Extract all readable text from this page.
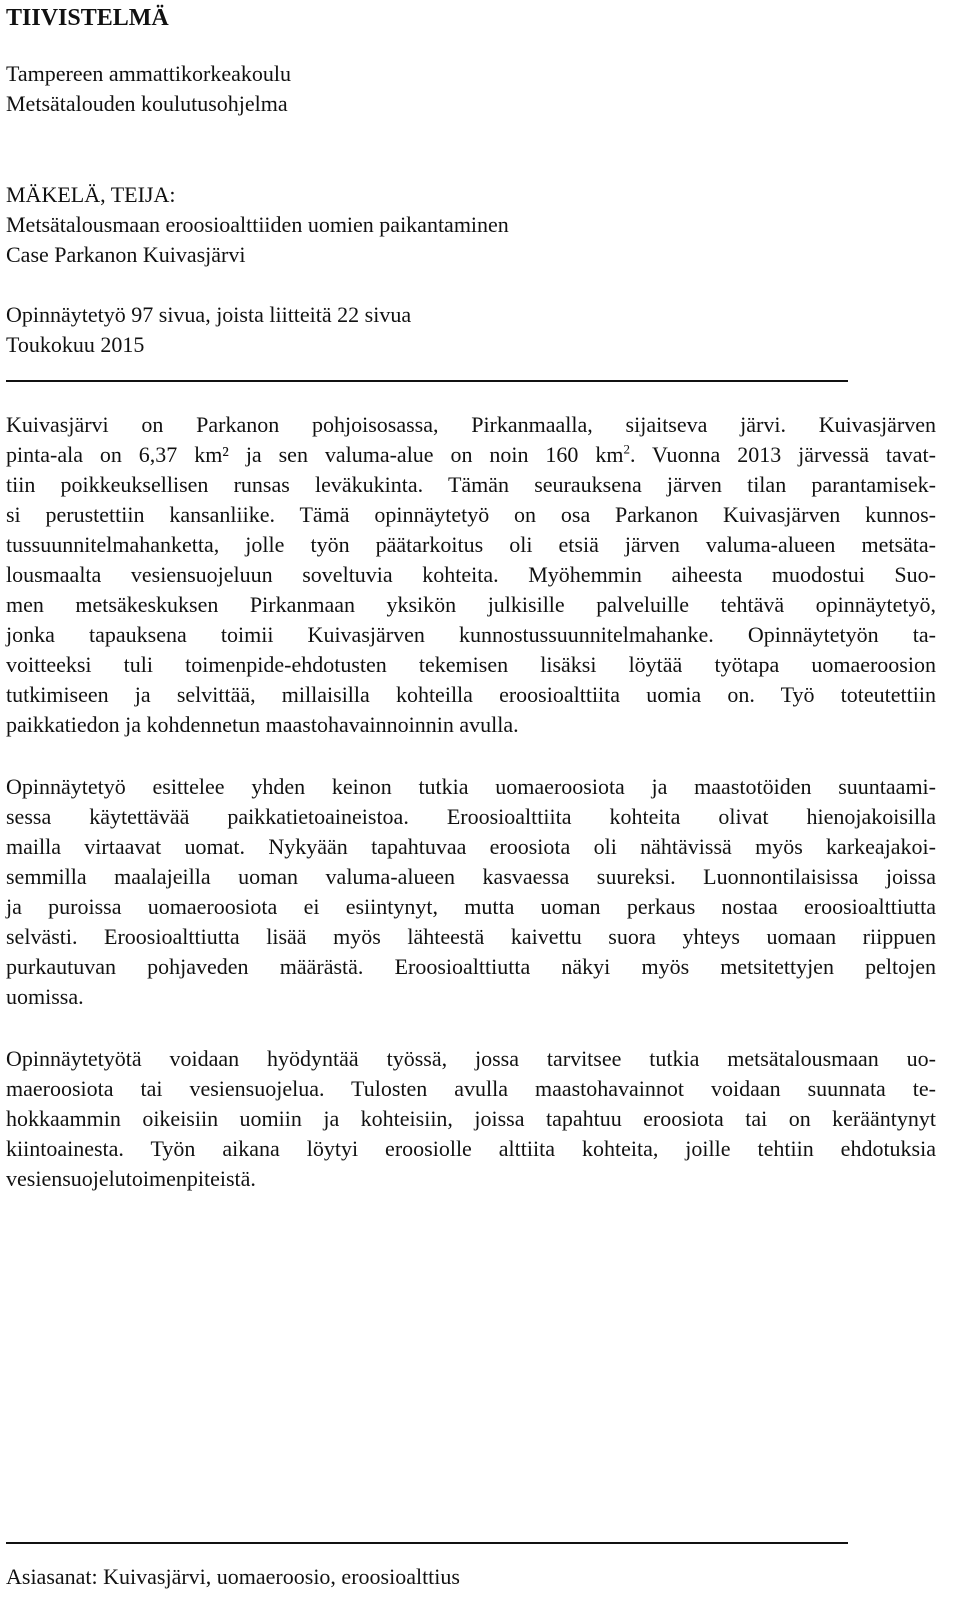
TIIVISTELMÄ
Tampereen ammattikorkeakoulu
Metsätalouden koulutusohjelma
MÄKELÄ, TEIJA:
Metsätalousmaan eroosioalttiiden uomien paikantaminen
Case Parkanon Kuivasjärvi
Opinnäytetyö 97 sivua, joista liitteitä 22 sivua
Toukokuu 2015
Kuivasjärvi on Parkanon pohjoisosassa, Pirkanmaalla, sijaitseva järvi. Kuivasjärven
pinta-ala on 6,37 km² ja sen valuma-alue on noin 160 $km^2$. Vuonna 2013 järvessä tavat-
tiin poikkeuksellisen runsas leväkukinta. Tämän seurauksena järven tilan parantamisek-
si perustettiin kansanliike. Tämä opinnäytetyö on osa Parkanon Kuivasjärven kunnos-
tussuunnitelmahanketta, jolle työn päätarkoitus oli etsiä järven valuma-alueen metsäta-
lousmaalta vesiensuojeluun soveltuvia kohteita. Myöhemmin aiheesta muodostui Suo-
men metsäkeskuksen Pirkanmaan yksikön julkisille palveluille tehtävä opinnäytetyö,
jonka tapauksena toimii Kuivasjärven kunnostussuunnitelmahanke. Opinnäytetyön ta-
voitteeksi tuli toimenpide-ehdotusten tekemisen lisäksi löytää työtapa uomaeroosion
tutkimiseen ja selvittää, millaisilla kohteilla eroosioalttiita uomia on. Työ toteutettiin
paikkatiedon ja kohdennetun maastohavainnoinnin avulla.
Opinnäytetyö esittelee yhden keinon tutkia uomaeroosiota ja maastotöiden suuntaami-
sessa käytettävää paikkatietoaineistoa. Eroosioalttiita kohteita olivat hienojakoisilla
mailla virtaavat uomat. Nykyään tapahtuvaa eroosiota oli nähtävissä myös karkeajakoi-
semmilla maalajeilla uoman valuma-alueen kasvaessa suureksi. Luonnontilaisissa joissa
ja puroissa uomaeroosiota ei esiintynyt, mutta uoman perkaus nostaa eroosioalttiutta
selvästi. Eroosioalttiutta lisää myös lähteestä kaivettu suora yhteys uomaan riippuen
purkautuvan pohjaveden määrästä. Eroosioalttiutta näkyi myös metsitettyjen peltojen
uomissa.
Opinnäytetyötä voidaan hyödyntää työssä, jossa tarvitsee tutkia metsätalousmaan uo-
maeroosiota tai vesiensuojelua. Tulosten avulla maastohavainnot voidaan suunnata te-
hokkaammin oikeisiin uomiin ja kohteisiin, joissa tapahtuu eroosiota tai on kerääntynyt
kiintoainesta. Työn aikana löytyi eroosiolle alttiita kohteita, joille tehtiin ehdotuksia
vesiensuojelutoimenpiteistä.
Asiasanat: Kuivasjärvi, uomaeroosio, eroosioalttius
